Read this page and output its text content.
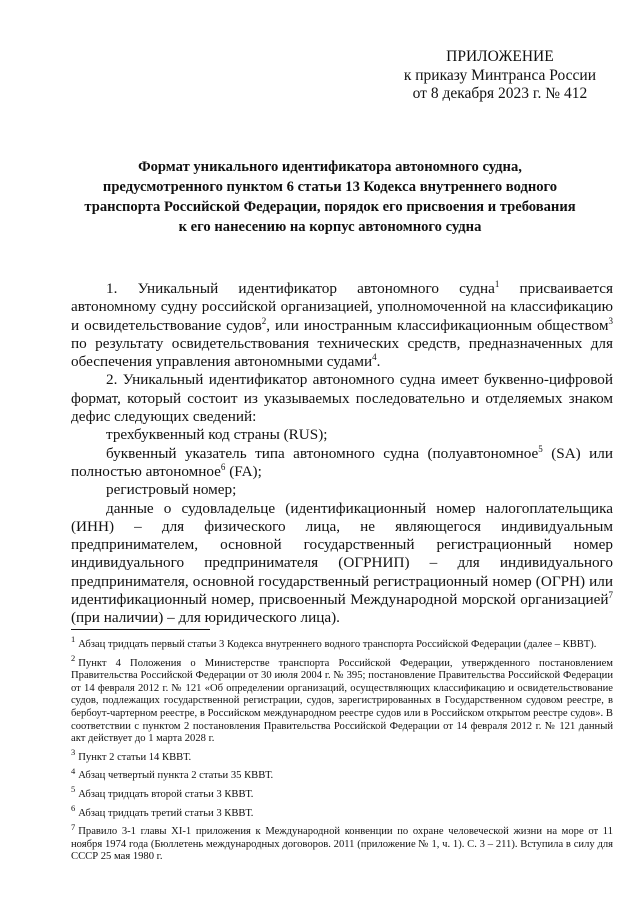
ПРИЛОЖЕНИЕ
к приказу Минтранса России
от 8 декабря 2023 г. № 412
Формат уникального идентификатора автономного судна,
предусмотренного пунктом 6 статьи 13 Кодекса внутреннего водного
транспорта Российской Федерации, порядок его присвоения и требования
к его нанесению на корпус автономного судна

1. Уникальный идентификатор автономного судна$^1$ присваивается автономному судну российской организацией, уполномоченной на классификацию и освидетельствование судов$^2$, или иностранным классификационным обществом$^3$ по результату освидетельствования технических средств, предназначенных для обеспечения управления автономными судами$^4$.

2. Уникальный идентификатор автономного судна имеет буквенно-цифровой формат, который состоит из указываемых последовательно и отделяемых знаком дефис следующих сведений:

трехбуквенный код страны (RUS);

буквенный указатель типа автономного судна (полуавтономное$^5$ (SA) или полностью автономное$^6$ (FA);

регистровый номер;

данные о судовладельце (идентификационный номер налогоплательщика (ИНН) – для физического лица, не являющегося индивидуальным предпринимателем, основной государственный регистрационный номер индивидуального предпринимателя (ОГРНИП) – для индивидуального предпринимателя, основной государственный регистрационный номер (ОГРН) или идентификационный номер, присвоенный Международной морской организацией$^7$ (при наличии) – для юридического лица).

$^1$ Абзац тридцать первый статьи 3 Кодекса внутреннего водного транспорта Российской Федерации (далее – КВВТ).

$^2$ Пункт 4 Положения о Министерстве транспорта Российской Федерации, утвержденного постановлением Правительства Российской Федерации от 30 июля 2004 г. № 395; постановление Правительства Российской Федерации от 14 февраля 2012 г. № 121 «Об определении организаций, осуществляющих классификацию и освидетельствование судов, подлежащих государственной регистрации, судов, зарегистрированных в Государственном судовом реестре, в бербоут-чартерном реестре, в Российском международном реестре судов или в Российском открытом реестре судов». В соответствии с пунктом 2 постановления Правительства Российской Федерации от 14 февраля 2012 г. № 121 данный акт действует до 1 марта 2028 г.

$^3$ Пункт 2 статьи 14 КВВТ.

$^4$ Абзац четвертый пункта 2 статьи 35 КВВТ.

$^5$ Абзац тридцать второй статьи 3 КВВТ.

$^6$ Абзац тридцать третий статьи 3 КВВТ.

$^7$ Правило 3-1 главы XI-1 приложения к Международной конвенции по охране человеческой жизни на море от 11 ноября 1974 года (Бюллетень международных договоров. 2011 (приложение № 1, ч. 1). С. 3 – 211). Вступила в силу для СССР 25 мая 1980 г.
